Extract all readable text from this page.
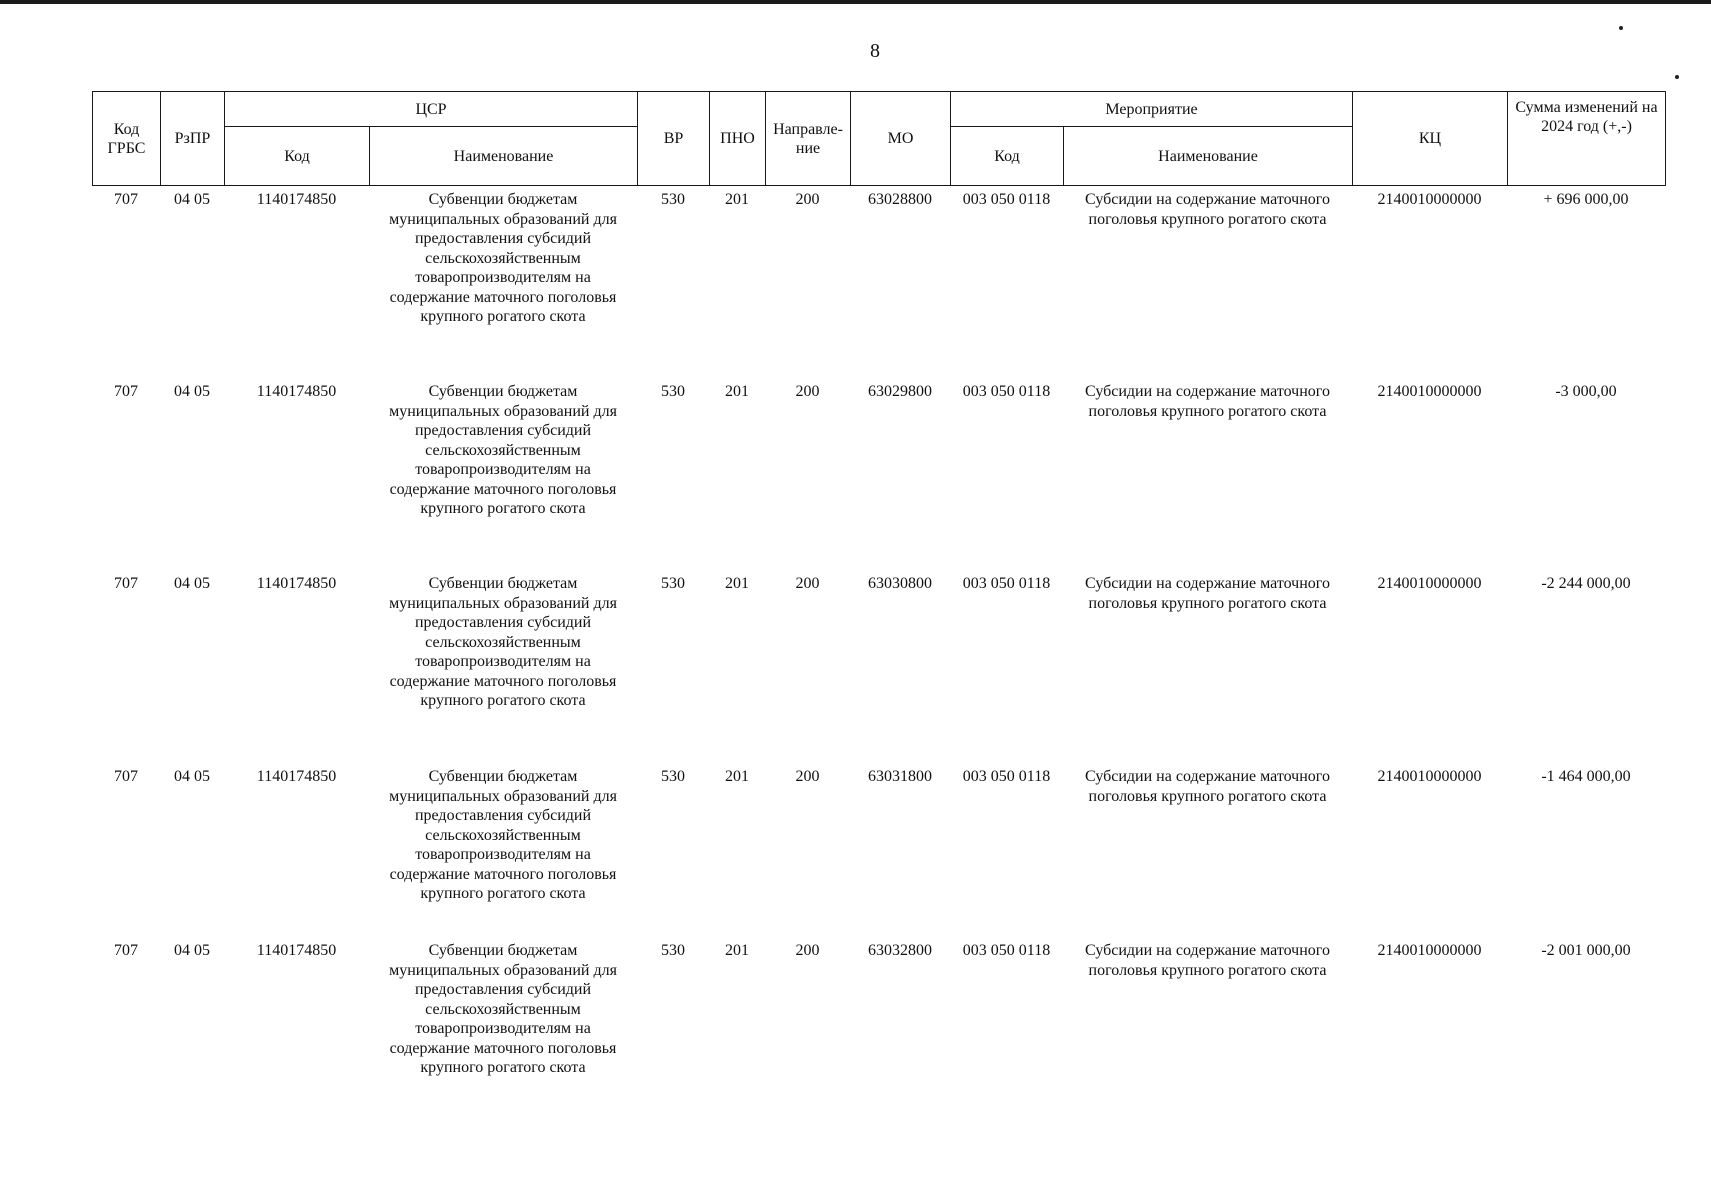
8
Код ГРБС	РзПР	ЦСР		ВР	ПНО	Направле-ние	МО	Мероприятие		КЦ	Сумма изменений на 2024 год (+,-)
		Код	Наименование					Код	Наименование		
707	04 05	1140174850	Субвенции бюджетам муниципальных образований для предоставления субсидий сельскохозяйственным товаропроизводителям на содержание маточного поголовья крупного рогатого скота	530	201	200	63028800	003 050 0118	Субсидии на содержание маточного поголовья крупного рогатого скота	2140010000000	+ 696 000,00
707	04 05	1140174850	Субвенции бюджетам муниципальных образований для предоставления субсидий сельскохозяйственным товаропроизводителям на содержание маточного поголовья крупного рогатого скота	530	201	200	63029800	003 050 0118	Субсидии на содержание маточного поголовья крупного рогатого скота	2140010000000	-3 000,00
707	04 05	1140174850	Субвенции бюджетам муниципальных образований для предоставления субсидий сельскохозяйственным товаропроизводителям на содержание маточного поголовья крупного рогатого скота	530	201	200	63030800	003 050 0118	Субсидии на содержание маточного поголовья крупного рогатого скота	2140010000000	-2 244 000,00
707	04 05	1140174850	Субвенции бюджетам муниципальных образований для предоставления субсидий сельскохозяйственным товаропроизводителям на содержание маточного поголовья крупного рогатого скота	530	201	200	63031800	003 050 0118	Субсидии на содержание маточного поголовья крупного рогатого скота	2140010000000	-1 464 000,00
707	04 05	1140174850	Субвенции бюджетам муниципальных образований для предоставления субсидий сельскохозяйственным товаропроизводителям на содержание маточного поголовья крупного рогатого скота	530	201	200	63032800	003 050 0118	Субсидии на содержание маточного поголовья крупного рогатого скота	2140010000000	-2 001 000,00
